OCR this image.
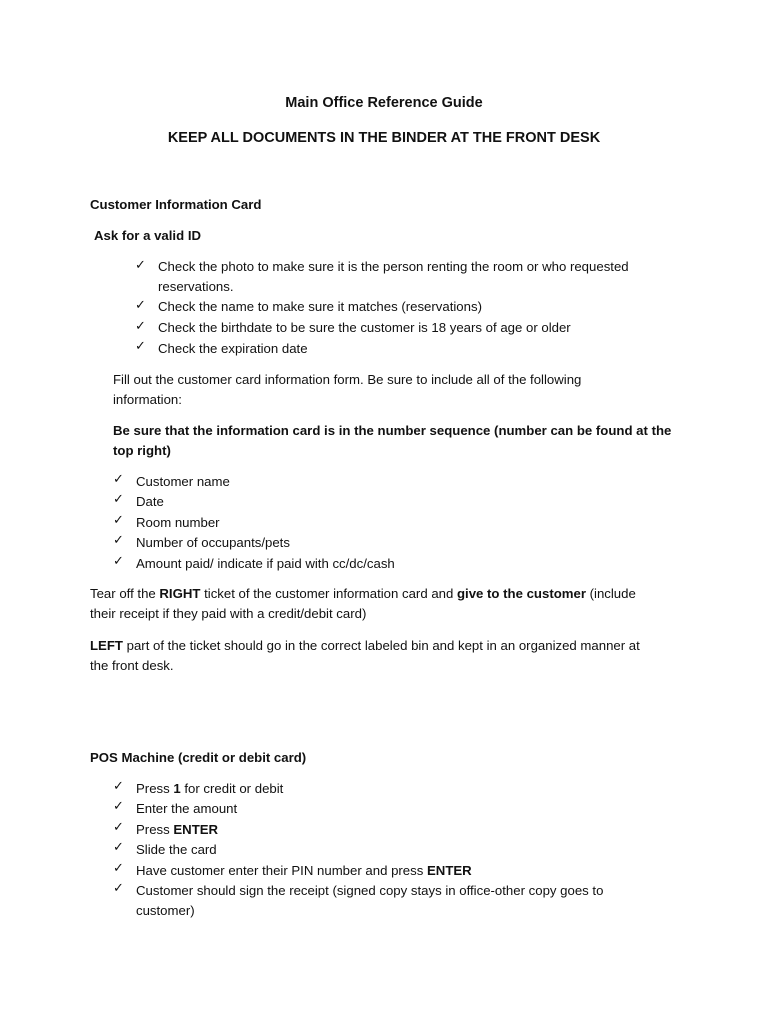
Main Office Reference Guide
KEEP ALL DOCUMENTS IN THE BINDER AT THE FRONT DESK
Customer Information Card
Ask for a valid ID
✓ Check the photo to make sure it is the person renting the room or who requested
reservations.
✓ Check the name to make sure it matches (reservations)
✓ Check the birthdate to be sure the customer is 18 years of age or older
✓ Check the expiration date
Fill out the customer card information form. Be sure to include all of the following
information:
Be sure that the information card is in the number sequence (number can be found at the
top right)
✓ Customer name
✓ Date
✓ Room number
✓ Number of occupants/pets
✓ Amount paid/ indicate if paid with cc/dc/cash
Tear off the RIGHT ticket of the customer information card and give to the customer (include
their receipt if they paid with a credit/debit card)
LEFT part of the ticket should go in the correct labeled bin and kept in an organized manner at
the front desk.
POS Machine (credit or debit card)
✓ Press 1 for credit or debit
✓ Enter the amount
✓ Press ENTER
✓ Slide the card
✓ Have customer enter their PIN number and press ENTER
✓ Customer should sign the receipt (signed copy stays in office-other copy goes to
customer)
